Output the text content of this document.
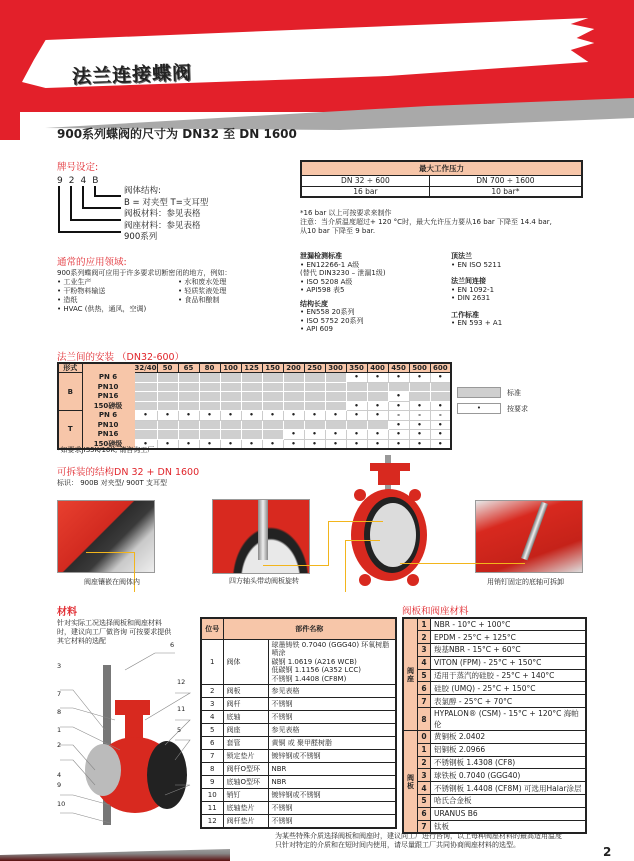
法兰连接蝶阀
900系列蝶阀的尺寸为 DN32 至 DN 1600
牌号设定:
924B
阀体结构:
B = 对夹型 T=支耳型
阀板材料：参见表格
阀座材料：参见表格
900系列
通常的应用领域:
900系列蝶阀可应用于许多要求切断密闭的地方，例如：
• 工业生产
• 干粉物料输送
• 造纸
• HVAC (供热，通风，空调)
• 水和废水处理
• 轻质浆液处理
• 食品和酿制
最大工作压力	
DN 32 ÷ 600	DN 700 ÷ 1600
16 bar	10 bar*
*16 bar 以上可按要求来制作
注意：当介质温度超过+ 120 °C时，最大允许压力要从16 bar 下降至 14.4 bar,
从10 bar 下降至 9 bar.
泄漏检测标准
• EN12266-1 A级
(替代 DIN3230 – 泄漏1级)
• ISO 5208 A级
• API598 表5
结构长度
• EN558 20系列
• ISO 5752 20系列
• API 609
顶法兰
• EN ISO 5211
法兰间连接
• EN 1092-1
• DIN 2631
工作标准
• EN 593 + A1
法兰间的安装 （DN32-600）
形式		32/40	50	65	80	100	125	150	200	250	300	350	400	450	500	600
B	PN 6											•	•	•	•	•
	PN10															
	PN16													•		
	150磅级											•	•	•	•	•
T	PN 6	•	•	•	•	•	•	•	•	•	•	•	•	-	-	-
	PN10													•	•	•
	PN16								•	•	•	•	•	•	•	•
	150磅级	•	•	•	•	•	•	•	•	•	•	•	•	•	•	•
标准
•	按要求
*如要求JIS5K/10K, 请咨询工厂
可拆装的结构DN 32 + DN 1600
标识： 900B 对夹型/ 900T 支耳型
阀座镶嵌在阀体内	四方轴头带动阀板旋转	用销钉固定的底轴可拆卸
材料
针对实际工况选择阀板和阀座材料
时，建议向工厂做咨询 可按要求提供
其它材料的选配	6
3
12
7
11
8
5
1
2
4
9
10
位号	部件名称	
1	阀体	球墨铸铁 0.7040 (GGG40) 环氧树脂喷涂
碳钢 1.0619 (A216 WCB)
低碳钢 1.1156 (A352 LCC)
不锈钢 1.4408 (CF8M)

2	阀板	参见表格

3	阀杆	不锈钢

4	底轴	不锈钢

5	阀座	参见表格

6	套管	黄铜 或 聚甲醛树脂

7	锁定垫片	镀锌钢或不锈钢

8	阀杆O型环	NBR

9	底轴O型环	NBR

10	销钉	镀锌钢或不锈钢

11	底轴垫片	不锈钢

12	阀杆垫片	不锈钢
阀板和阀座材料
阀座	1	NBR - 10°C + 100°C
	2	EPDM - 25°C + 125°C
	3	羧基NBR - 15°C + 60°C
	4	VITON (FPM) - 25°C + 150°C
	5	适用于蒸汽的硅胶 - 25°C + 140°C
	6	硅胶 (UMQ) - 25°C + 150°C
	7	表氯醇 - 25°C + 70°C
	8	HYPALON® (CSM) - 15°C + 120°C 海帕伦
阀板	0	黄铜板 2.0402
	1	铝铜板 2.0966
	2	不锈钢板 1.4308 (CF8)
	3	球铁板 0.7040 (GGG40)
	4	不锈钢板 1.4408 (CF8M) 可选用Halar涂层
	5	哈氏合金板
	6	URANUS B6
	7	钛板
为某些特殊介质选择阀板和阀座时，建议向工厂进行咨询，以上每种阀座材料的最高适用温度
只针对特定的介质和在短时间内使用，请尽量跟工厂共同协商阀座材料的选型。	2
